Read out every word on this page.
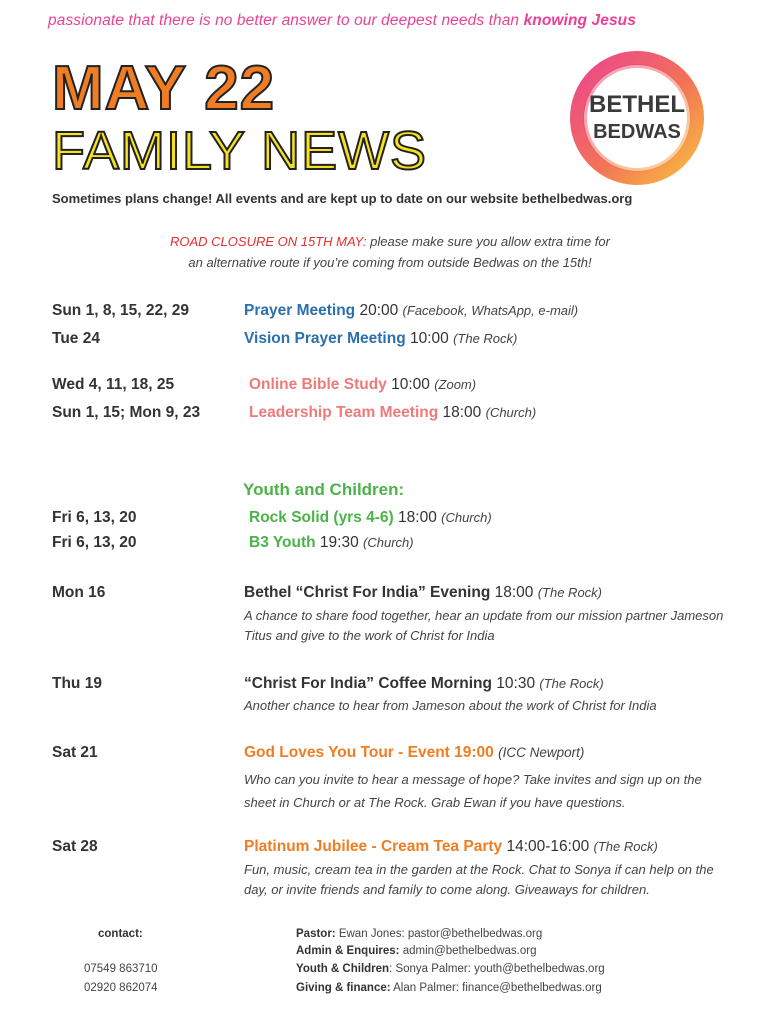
passionate that there is no better answer to our deepest needs than knowing Jesus
MAY 22
FAMILY NEWS
BETHEL
BEDWAS
Sometimes plans change! All events and are kept up to date on our website bethelbedwas.org
ROAD CLOSURE ON 15TH MAY: please make sure you allow extra time for
an alternative route if you’re coming from outside Bedwas on the 15th!
Sun 1, 8, 15, 22, 29	Prayer Meeting 20:00 (Facebook, WhatsApp, e-mail)
Tue 24	Vision Prayer Meeting 10:00 (The Rock)
Wed 4, 11, 18, 25	Online Bible Study 10:00 (Zoom)
Sun 1, 15; Mon 9, 23	Leadership Team Meeting 18:00 (Church)
Youth and Children:
Fri 6, 13, 20	Rock Solid (yrs 4-6) 18:00 (Church)
Fri 6, 13, 20	B3 Youth 19:30 (Church)
Mon 16	Bethel “Christ For India” Evening 18:00 (The Rock)
A chance to share food together, hear an update from our mission partner Jameson Titus and give to the work of Christ for India
Thu 19	“Christ For India” Coffee Morning 10:30 (The Rock)
Another chance to hear from Jameson about the work of Christ for India
Sat 21	God Loves You Tour - Event 19:00 (ICC Newport)
Who can you invite to hear a message of hope? Take invites and sign up on the sheet in Church or at The Rock. Grab Ewan if you have questions.
Sat 28	Platinum Jubilee - Cream Tea Party 14:00-16:00 (The Rock)
Fun, music, cream tea in the garden at the Rock. Chat to Sonya if can help on the day, or invite friends and family to come along. Giveaways for children.
contact:
07549 863710
02920 862074
Pastor: Ewan Jones: pastor@bethelbedwas.org
Admin & Enquires: admin@bethelbedwas.org
Youth & Children: Sonya Palmer: youth@bethelbedwas.org
Giving & finance: Alan Palmer: finance@bethelbedwas.org
